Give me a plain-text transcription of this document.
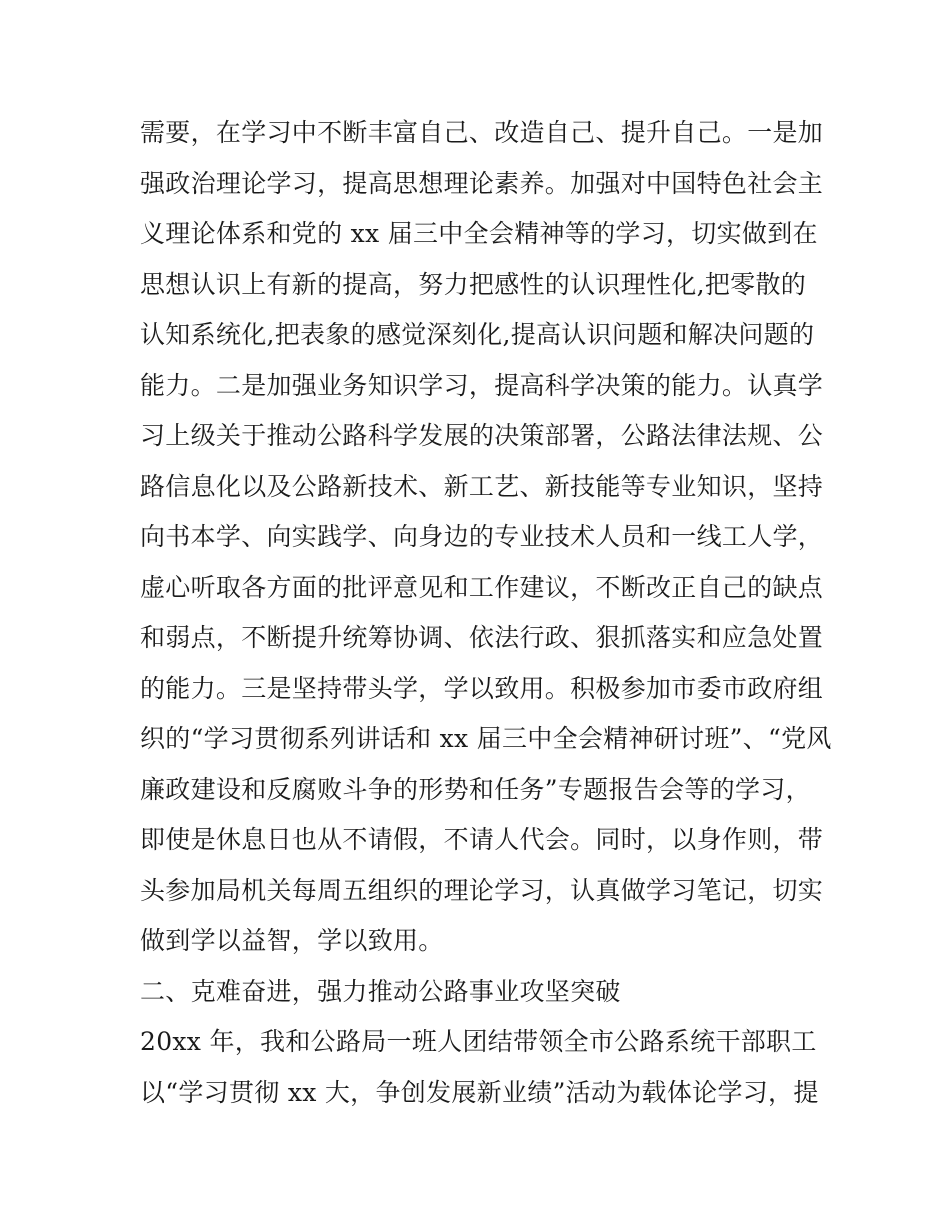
需要，在学习中不断丰富自己、改造自己、提升自己。一是加
强政治理论学习，提高思想理论素养。加强对中国特色社会主
义理论体系和党的 xx 届三中全会精神等的学习，切实做到在
思想认识上有新的提高，努力把感性的认识理性化,把零散的
认知系统化,把表象的感觉深刻化,提高认识问题和解决问题的
能力。二是加强业务知识学习，提高科学决策的能力。认真学
习上级关于推动公路科学发展的决策部署，公路法律法规、公
路信息化以及公路新技术、新工艺、新技能等专业知识，坚持
向书本学、向实践学、向身边的专业技术人员和一线工人学，
虚心听取各方面的批评意见和工作建议，不断改正自己的缺点
和弱点，不断提升统筹协调、依法行政、狠抓落实和应急处置
的能力。三是坚持带头学，学以致用。积极参加市委市政府组
织的“学习贯彻系列讲话和 xx 届三中全会精神研讨班”、“党风
廉政建设和反腐败斗争的形势和任务”专题报告会等的学习，
即使是休息日也从不请假，不请人代会。同时，以身作则，带
头参加局机关每周五组织的理论学习，认真做学习笔记，切实
做到学以益智，学以致用。
二、克难奋进，强力推动公路事业攻坚突破
20xx 年，我和公路局一班人团结带领全市公路系统干部职工
以“学习贯彻 xx 大，争创发展新业绩”活动为载体论学习，提
